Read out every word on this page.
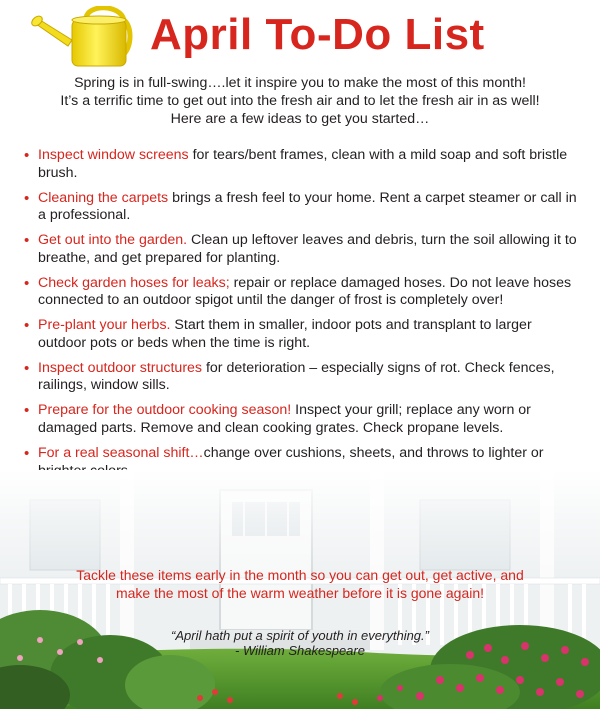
April To-Do List
Spring is in full-swing….let it inspire you to make the most of this month!
It’s a terrific time to get out into the fresh air and to let the fresh air in as well!
Here are a few ideas to get you started…
• Inspect window screens for tears/bent frames, clean with a mild soap and soft bristle brush.
• Cleaning the carpets brings a fresh feel to your home. Rent a carpet steamer or call in a professional.
• Get out into the garden. Clean up leftover leaves and debris, turn the soil allowing it to breathe, and get prepared for planting.
• Check garden hoses for leaks; repair or replace damaged hoses. Do not leave hoses connected to an outdoor spigot until the danger of frost is completely over!
• Pre-plant your herbs. Start them in smaller, indoor pots and transplant to larger outdoor pots or beds when the time is right.
• Inspect outdoor structures for deterioration – especially signs of rot. Check fences, railings, window sills.
• Prepare for the outdoor cooking season! Inspect your grill; replace any worn or damaged parts. Remove and clean cooking grates. Check propane levels.
• For a real seasonal shift…change over cushions, sheets, and throws to lighter or
•
•
Tackle these items early in the month so you can get out, get active, and
make the most of the warm weather before it is gone again!
“April hath put a spirit of youth in everything.”
- William Shakespeare
